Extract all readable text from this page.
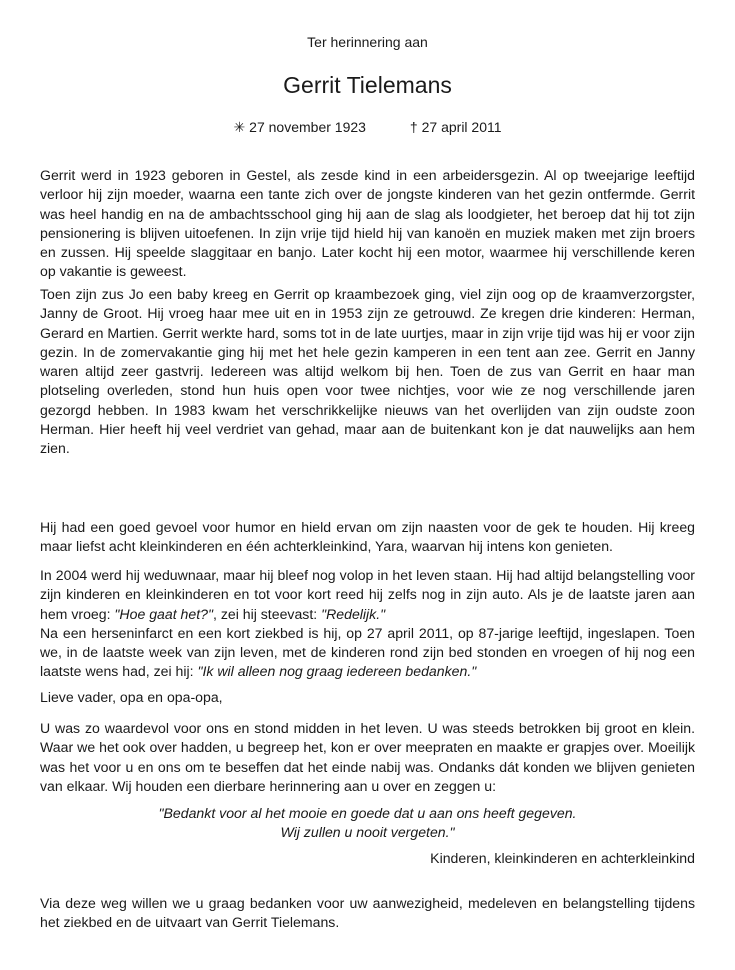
Ter herinnering aan
Gerrit Tielemans
✳ 27 november 1923	† 27 april 2011

Gerrit werd in 1923 geboren in Gestel, als zesde kind in een arbeidersgezin. Al op tweejarige leeftijd verloor hij zijn moeder, waarna een tante zich over de jongste kinderen van het gezin ontfermde. Gerrit was heel handig en na de ambachtsschool ging hij aan de slag als loodgieter, het beroep dat hij tot zijn pensionering is blijven uitoefenen. In zijn vrije tijd hield hij van kanoën en muziek maken met zijn broers en zussen. Hij speelde slaggitaar en banjo. Later kocht hij een motor, waarmee hij verschillende keren op vakantie is geweest.

Toen zijn zus Jo een baby kreeg en Gerrit op kraambezoek ging, viel zijn oog op de kraamverzorgster, Janny de Groot. Hij vroeg haar mee uit en in 1953 zijn ze getrouwd. Ze kregen drie kinderen: Herman, Gerard en Martien. Gerrit werkte hard, soms tot in de late uurtjes, maar in zijn vrije tijd was hij er voor zijn gezin. In de zomervakantie ging hij met het hele gezin kamperen in een tent aan zee. Gerrit en Janny waren altijd zeer gastvrij. Iedereen was altijd welkom bij hen. Toen de zus van Gerrit en haar man plotseling overleden, stond hun huis open voor twee nichtjes, voor wie ze nog verschillende jaren gezorgd hebben. In 1983 kwam het verschrikkelijke nieuws van het overlijden van zijn oudste zoon Herman. Hier heeft hij veel verdriet van gehad, maar aan de buitenkant kon je dat nauwelijks aan hem zien.

Hij had een goed gevoel voor humor en hield ervan om zijn naasten voor de gek te houden. Hij kreeg maar liefst acht kleinkinderen en één achterkleinkind, Yara, waarvan hij intens kon genieten.

In 2004 werd hij weduwnaar, maar hij bleef nog volop in het leven staan. Hij had altijd belangstelling voor zijn kinderen en kleinkinderen en tot voor kort reed hij zelfs nog in zijn auto. Als je de laatste jaren aan hem vroeg: "Hoe gaat het?", zei hij steevast: "Redelijk."
Na een herseninfarct en een kort ziekbed is hij, op 27 april 2011, op 87-jarige leeftijd, ingeslapen. Toen we, in de laatste week van zijn leven, met de kinderen rond zijn bed stonden en vroegen of hij nog een laatste wens had, zei hij: "Ik wil alleen nog graag iedereen bedanken."

Lieve vader, opa en opa-opa,

U was zo waardevol voor ons en stond midden in het leven. U was steeds betrokken bij groot en klein. Waar we het ook over hadden, u begreep het, kon er over meepraten en maakte er grapjes over. Moeilijk was het voor u en ons om te beseffen dat het einde nabij was. Ondanks dát konden we blijven genieten van elkaar. Wij houden een dierbare herinnering aan u over en zeggen u:

"Bedankt voor al het mooie en goede dat u aan ons heeft gegeven.
Wij zullen u nooit vergeten."

Kinderen, kleinkinderen en achterkleinkind

Via deze weg willen we u graag bedanken voor uw aanwezigheid, medeleven en belangstelling tijdens het ziekbed en de uitvaart van Gerrit Tielemans.
